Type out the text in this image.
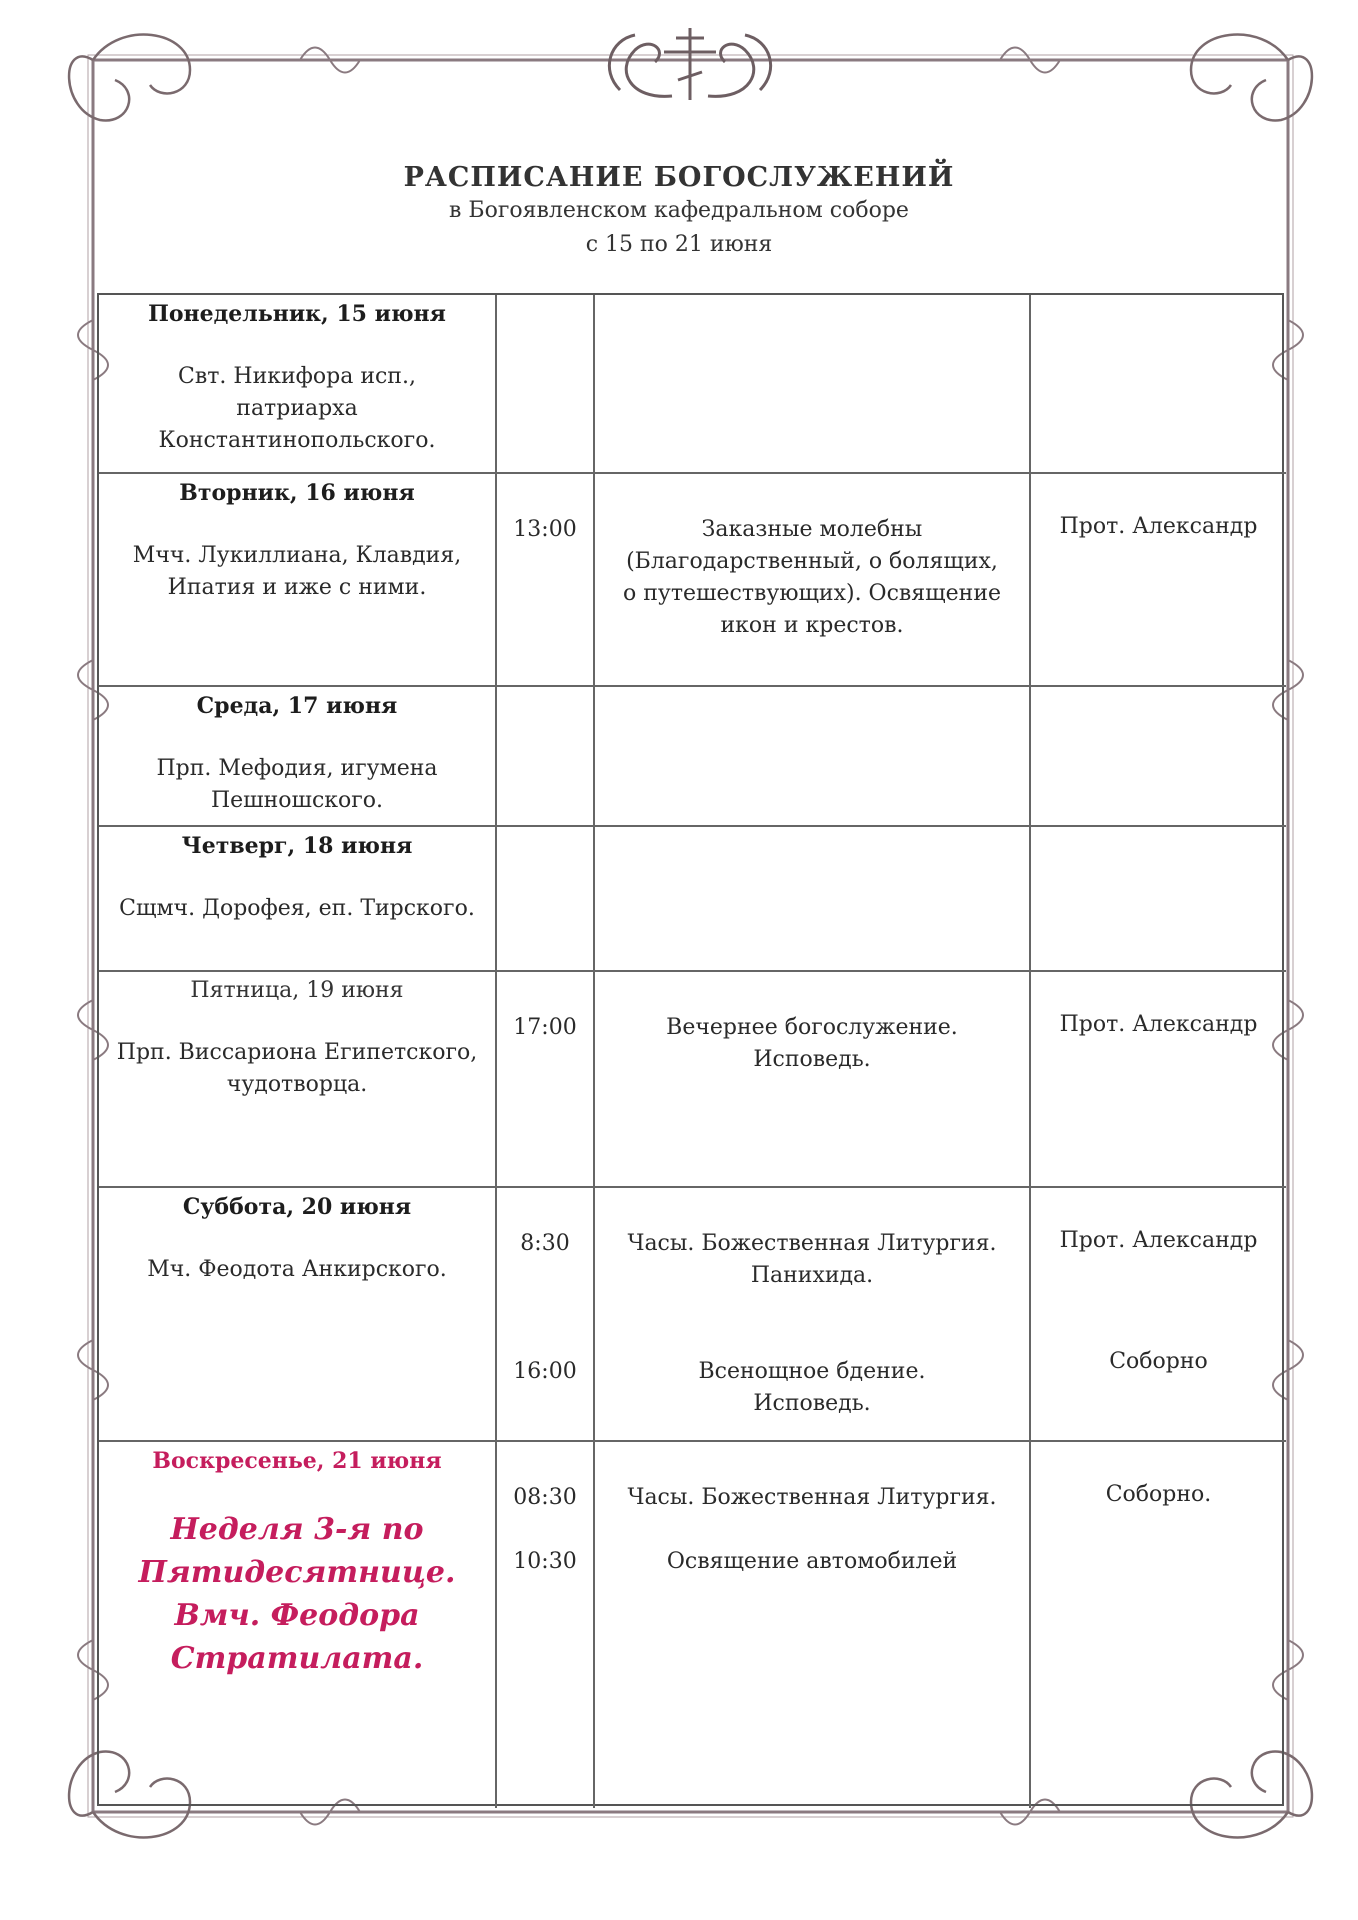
РАСПИСАНИЕ БОГОСЛУЖЕНИЙ
в Богоявленском кафедральном соборе
с 15 по 21 июня
Понедельник, 15 июня
Свт. Никифора исп.,
патриарха
Константинопольского.
Вторник, 16 июня
Мчч. Лукиллиана, Клавдия,
Ипатия и иже с ними.
13:00	Заказные молебны
(Благодарственный, о болящих,
о путешествующих). Освящение
икон и крестов.
Прот. Александр
Среда, 17 июня
Прп. Мефодия, игумена
Пешношского.
Четверг, 18 июня
Сщмч. Дорофея, еп. Тирского.
Пятница, 19 июня
Прп. Виссариона Египетского,
чудотворца.
17:00	Вечернее богослужение.
Исповедь.
Прот. Александр
Суббота, 20 июня
Мч. Феодота Анкирского.
8:30
16:00
Часы. Божественная Литургия.
Панихида.
Всенощное бдение.
Исповедь.
Прот. Александр
Соборно
Воскресенье, 21 июня
Неделя 3-я по
Пятидесятнице.
Вмч. Феодора
Стратилата.
08:30
10:30
Часы. Божественная Литургия.
Освящение автомобилей
Соборно.
